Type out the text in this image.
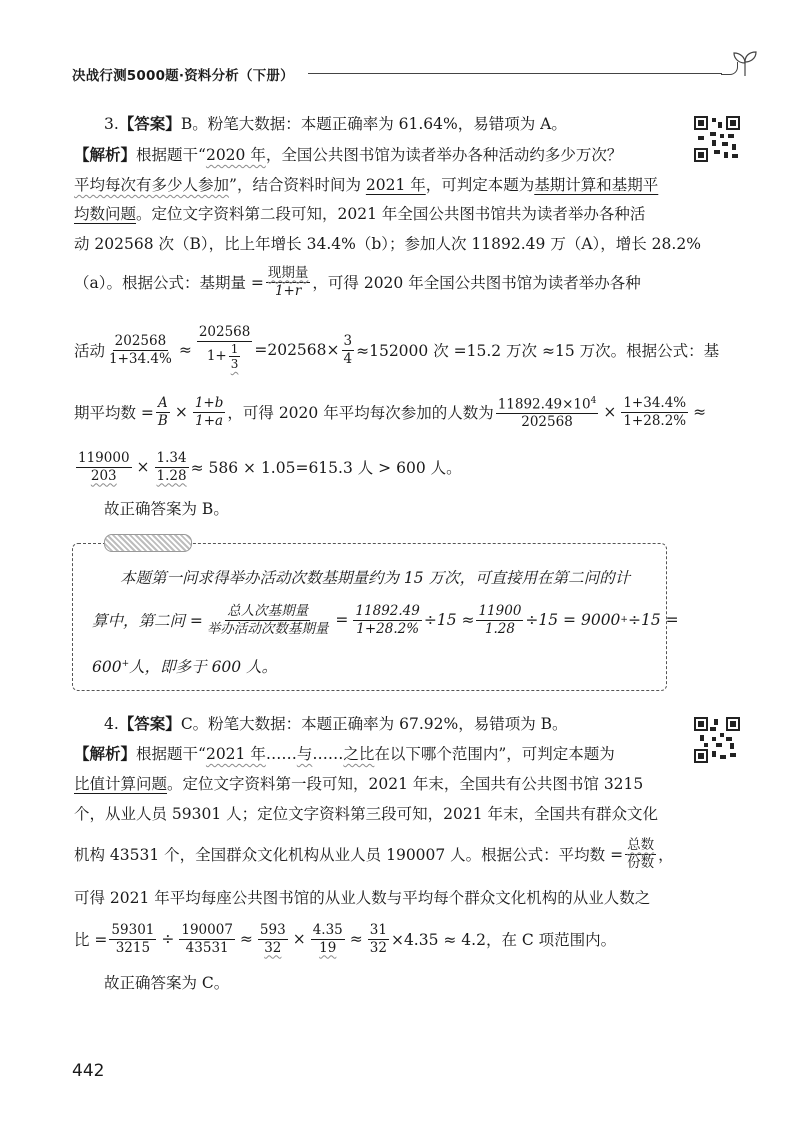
决战行测5000题·资料分析（下册）
3.【答案】B。粉笔大数据：本题正确率为 61.64%，易错项为 A。
【解析】根据题干“2020 年，全国公共图书馆为读者举办各种活动约多少万次？
平均每次有多少人参加”，结合资料时间为 2021 年，可判定本题为基期计算和基期平
均数问题。定位文字资料第二段可知，2021 年全国公共图书馆共为读者举办各种活
动 202568 次（B），比上年增长 34.4%（b）；参加人次 11892.49 万（A），增长 28.2%
（a）。根据公式：基期量 = $\frac{\text{现期量}}{1+r}$ ，可得 2020 年全国公共图书馆为读者举办各种
活动 $\frac{202568}{1+34.4\%} \approx \frac{202568}{1+ \frac{1}{3}} =202568\times \frac{3}{4} \approx 152000$ 次 =15.2 万次 ≈15 万次。根据公式：基
期平均数 = $\frac{A}{B} \times \frac{1+b}{1+a}$ ，可得 2020 年平均每次参加的人数为 $\frac{11892.49\times 10^4}{202568} \times \frac{1+34.4\%}{1+28.2\%}$ ≈
$\frac{119000}{203} \times \frac{1.34}{1.28} \approx 586 \times 1.05=615.3$ 人 > 600 人。
故正确答案为 B。
本题第一问求得举办活动次数基期量约为 15 万次，可直接用在第二问的计
算中，第二问 = $\frac{\text{总人次基期量}}{\text{举办活动次数基期量}} = \frac{11892.49}{1+28.2\%} \div 15 \approx \frac{11900}{1.28} \div 15 = 9000 + \div 15$ =
600+人，即多于 600 人。
4.【答案】C。粉笔大数据：本题正确率为 67.92%，易错项为 B。
【解析】根据题干“2021 年……与……之比在以下哪个范围内”，可判定本题为
比值计算问题。定位文字资料第一段可知，2021 年末，全国共有公共图书馆 3215
个，从业人员 59301 人；定位文字资料第三段可知，2021 年末，全国共有群众文化
机构 43531 个，全国群众文化机构从业人员 190007 人。根据公式：平均数 = $\frac{\text{总数}}{\text{份数}}$ ，
可得 2021 年平均每座公共图书馆的从业人数与平均每个群众文化机构的从业人数之
比 = $\frac{59301}{3215} \div \frac{190007}{43531} \approx \frac{593}{32} \times \frac{4.35}{19} \approx \frac{31}{32} \times 4.35 \approx 4.2$，在 C 项范围内。
故正确答案为 C。
442
